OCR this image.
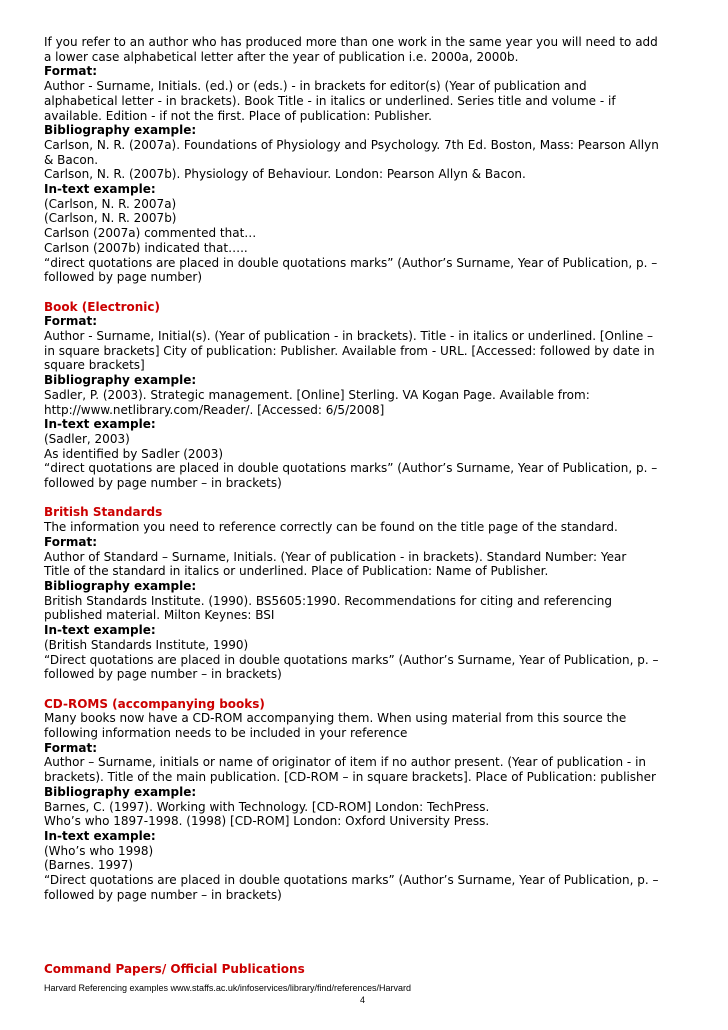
If you refer to an author who has produced more than one work in the same year you will need to add
a lower case alphabetical letter after the year of publication i.e. 2000a, 2000b.
Format:
Author - Surname, Initials. (ed.) or (eds.) - in brackets for editor(s) (Year of publication and
alphabetical letter - in brackets). Book Title - in italics or underlined. Series title and volume - if
available. Edition - if not the first. Place of publication: Publisher.
Bibliography example:
Carlson, N. R. (2007a). Foundations of Physiology and Psychology. 7th Ed. Boston, Mass: Pearson Allyn
& Bacon.
Carlson, N. R. (2007b). Physiology of Behaviour. London: Pearson Allyn & Bacon.
In-text example:
(Carlson, N. R. 2007a)
(Carlson, N. R. 2007b)
Carlson (2007a) commented that…
Carlson (2007b) indicated that…..
“direct quotations are placed in double quotations marks” (Author’s Surname, Year of Publication, p. –
followed by page number)
Book (Electronic)
Format:
Author - Surname, Initial(s). (Year of publication - in brackets). Title - in italics or underlined. [Online –
in square brackets] City of publication: Publisher. Available from - URL. [Accessed: followed by date in
square brackets]
Bibliography example:
Sadler, P. (2003). Strategic management. [Online] Sterling. VA Kogan Page. Available from:
http://www.netlibrary.com/Reader/. [Accessed: 6/5/2008]
In-text example:
(Sadler, 2003)
As identified by Sadler (2003)
“direct quotations are placed in double quotations marks” (Author’s Surname, Year of Publication, p. –
followed by page number – in brackets)
British Standards
The information you need to reference correctly can be found on the title page of the standard.
Format:
Author of Standard – Surname, Initials. (Year of publication - in brackets). Standard Number: Year
Title of the standard in italics or underlined. Place of Publication: Name of Publisher.
Bibliography example:
British Standards Institute. (1990). BS5605:1990. Recommendations for citing and referencing
published material. Milton Keynes: BSI
In-text example:
(British Standards Institute, 1990)
“Direct quotations are placed in double quotations marks” (Author’s Surname, Year of Publication, p. –
followed by page number – in brackets)
CD-ROMS (accompanying books)
Many books now have a CD-ROM accompanying them. When using material from this source the
following information needs to be included in your reference
Format:
Author – Surname, initials or name of originator of item if no author present. (Year of publication - in
brackets). Title of the main publication. [CD-ROM – in square brackets]. Place of Publication: publisher
Bibliography example:
Barnes, C. (1997). Working with Technology. [CD-ROM] London: TechPress.
Who’s who 1897-1998. (1998) [CD-ROM] London: Oxford University Press.
In-text example:
(Who’s who 1998)
(Barnes. 1997)
“Direct quotations are placed in double quotations marks” (Author’s Surname, Year of Publication, p. –
followed by page number – in brackets)
Command Papers/ Official Publications
Harvard Referencing examples www.staffs.ac.uk/infoservices/library/find/references/Harvard
4
